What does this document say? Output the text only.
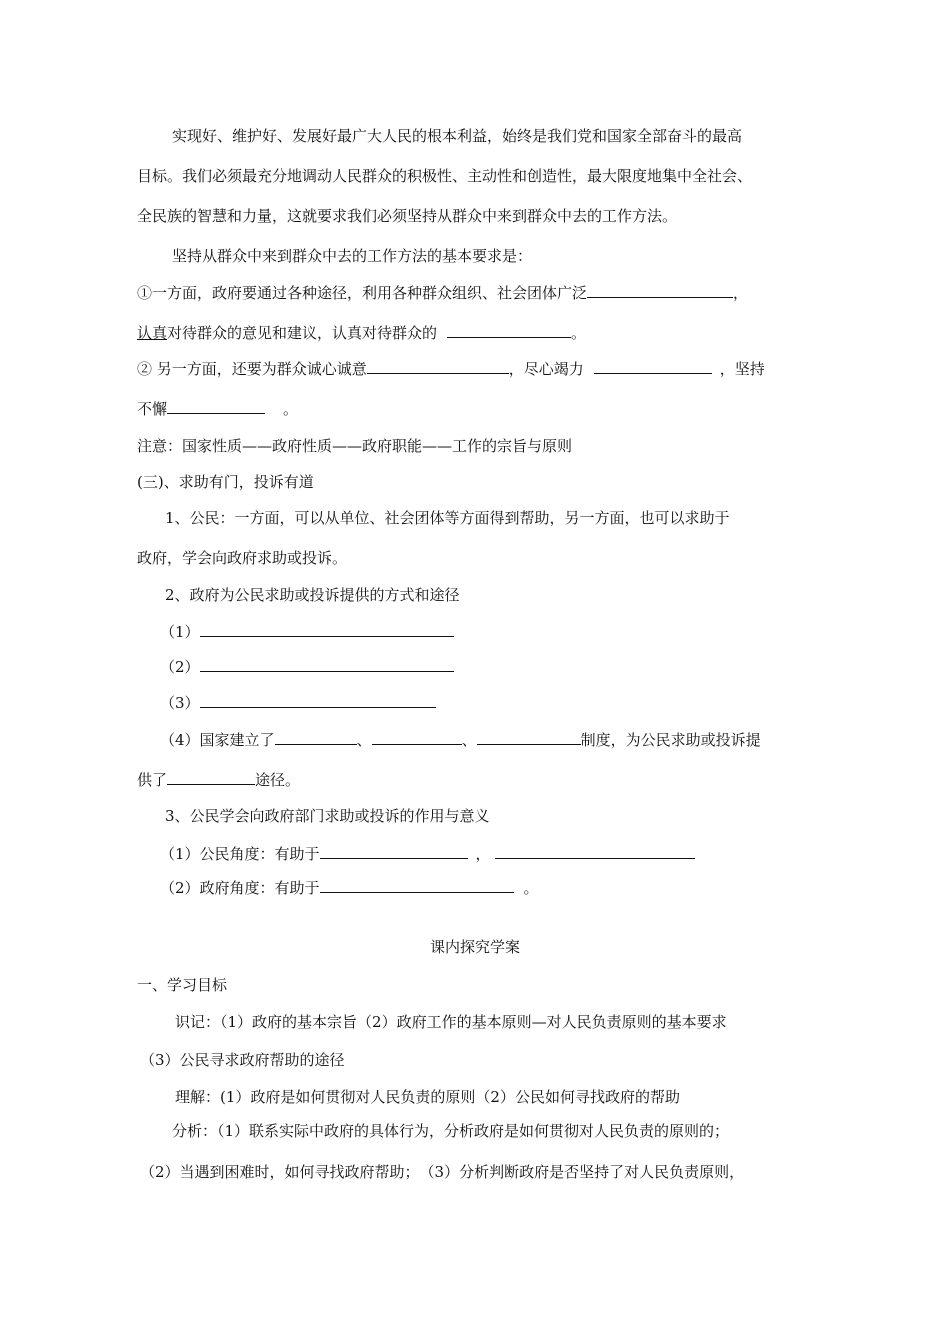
实现好、维护好、发展好最广大人民的根本利益，始终是我们党和国家全部奋斗的最高
目标。我们必须最充分地调动人民群众的积极性、主动性和创造性，最大限度地集中全社会、
全民族的智慧和力量，这就要求我们必须坚持从群众中来到群众中去的工作方法。
坚持从群众中来到群众中去的工作方法的基本要求是：
①一方面，政府要通过各种途径，利用各种群众组织、社会团体广泛	，
认真对待群众的意见和建议，认真对待群众的	。
② 另一方面，还要为群众诚心诚意	，尽心竭力	，坚持
不懈	。
注意：国家性质——政府性质——政府职能——工作的宗旨与原则
(三)、求助有门，投诉有道
1、公民：一方面，可以从单位、社会团体等方面得到帮助，另一方面，也可以求助于
政府，学会向政府求助或投诉。
2、政府为公民求助或投诉提供的方式和途径
（1）
（2）
（3）
（4）国家建立了	、	、	制度，为公民求助或投诉提
供了	途径。
3、公民学会向政府部门求助或投诉的作用与意义
（1）公民角度：有助于	，
（2）政府角度：有助于	。
课内探究学案
一、学习目标
识记：（1）政府的基本宗旨（2）政府工作的基本原则—对人民负责原则的基本要求
（3）公民寻求政府帮助的途径
理解：(1）政府是如何贯彻对人民负责的原则（2）公民如何寻找政府的帮助
分析：（1）联系实际中政府的具体行为，分析政府是如何贯彻对人民负责的原则的；
（2）当遇到困难时，如何寻找政府帮助；　（3）分析判断政府是否坚持了对人民负责原则，
